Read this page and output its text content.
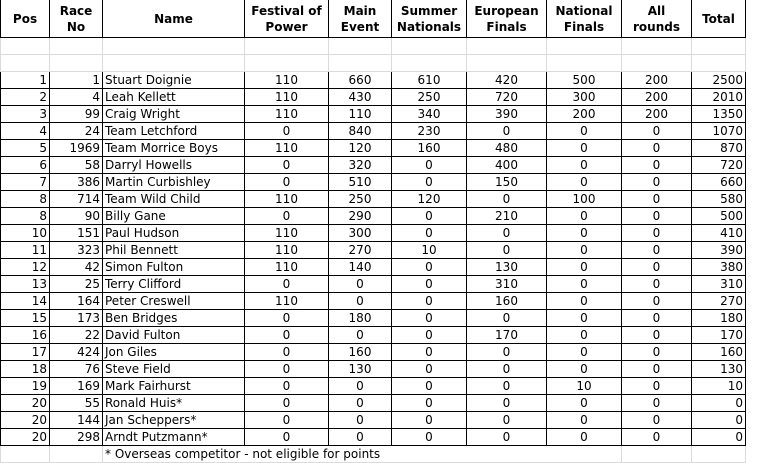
Pos	Race No	Name	Festival of Power	Main Event	Summer Nationals	European Finals	National Finals	All rounds	Total

1	1	Stuart Doignie	110	660	610	420	500	200	2500
2	4	Leah Kellett	110	430	250	720	300	200	2010
3	99	Craig Wright	110	110	340	390	200	200	1350
4	24	Team Letchford	0	840	230	0	0	0	1070
5	1969	Team Morrice Boys	110	120	160	480	0	0	870
6	58	Darryl Howells	0	320	0	400	0	0	720
7	386	Martin Curbishley	0	510	0	150	0	0	660
8	714	Team Wild Child	110	250	120	0	100	0	580
8	90	Billy Gane	0	290	0	210	0	0	500
10	151	Paul Hudson	110	300	0	0	0	0	410
11	323	Phil Bennett	110	270	10	0	0	0	390
12	42	Simon Fulton	110	140	0	130	0	0	380
13	25	Terry Clifford	0	0	0	310	0	0	310
14	164	Peter Creswell	110	0	0	160	0	0	270
15	173	Ben Bridges	0	180	0	0	0	0	180
16	22	David Fulton	0	0	0	170	0	0	170
17	424	Jon Giles	0	160	0	0	0	0	160
18	76	Steve Field	0	130	0	0	0	0	130
19	169	Mark Fairhurst	0	0	0	0	10	0	10
20	55	Ronald Huis*	0	0	0	0	0	0	0
20	144	Jan Scheppers*	0	0	0	0	0	0	0
20	298	Arndt Putzmann*	0	0	0	0	0	0	0
		* Overseas competitor - not eligible for points							
